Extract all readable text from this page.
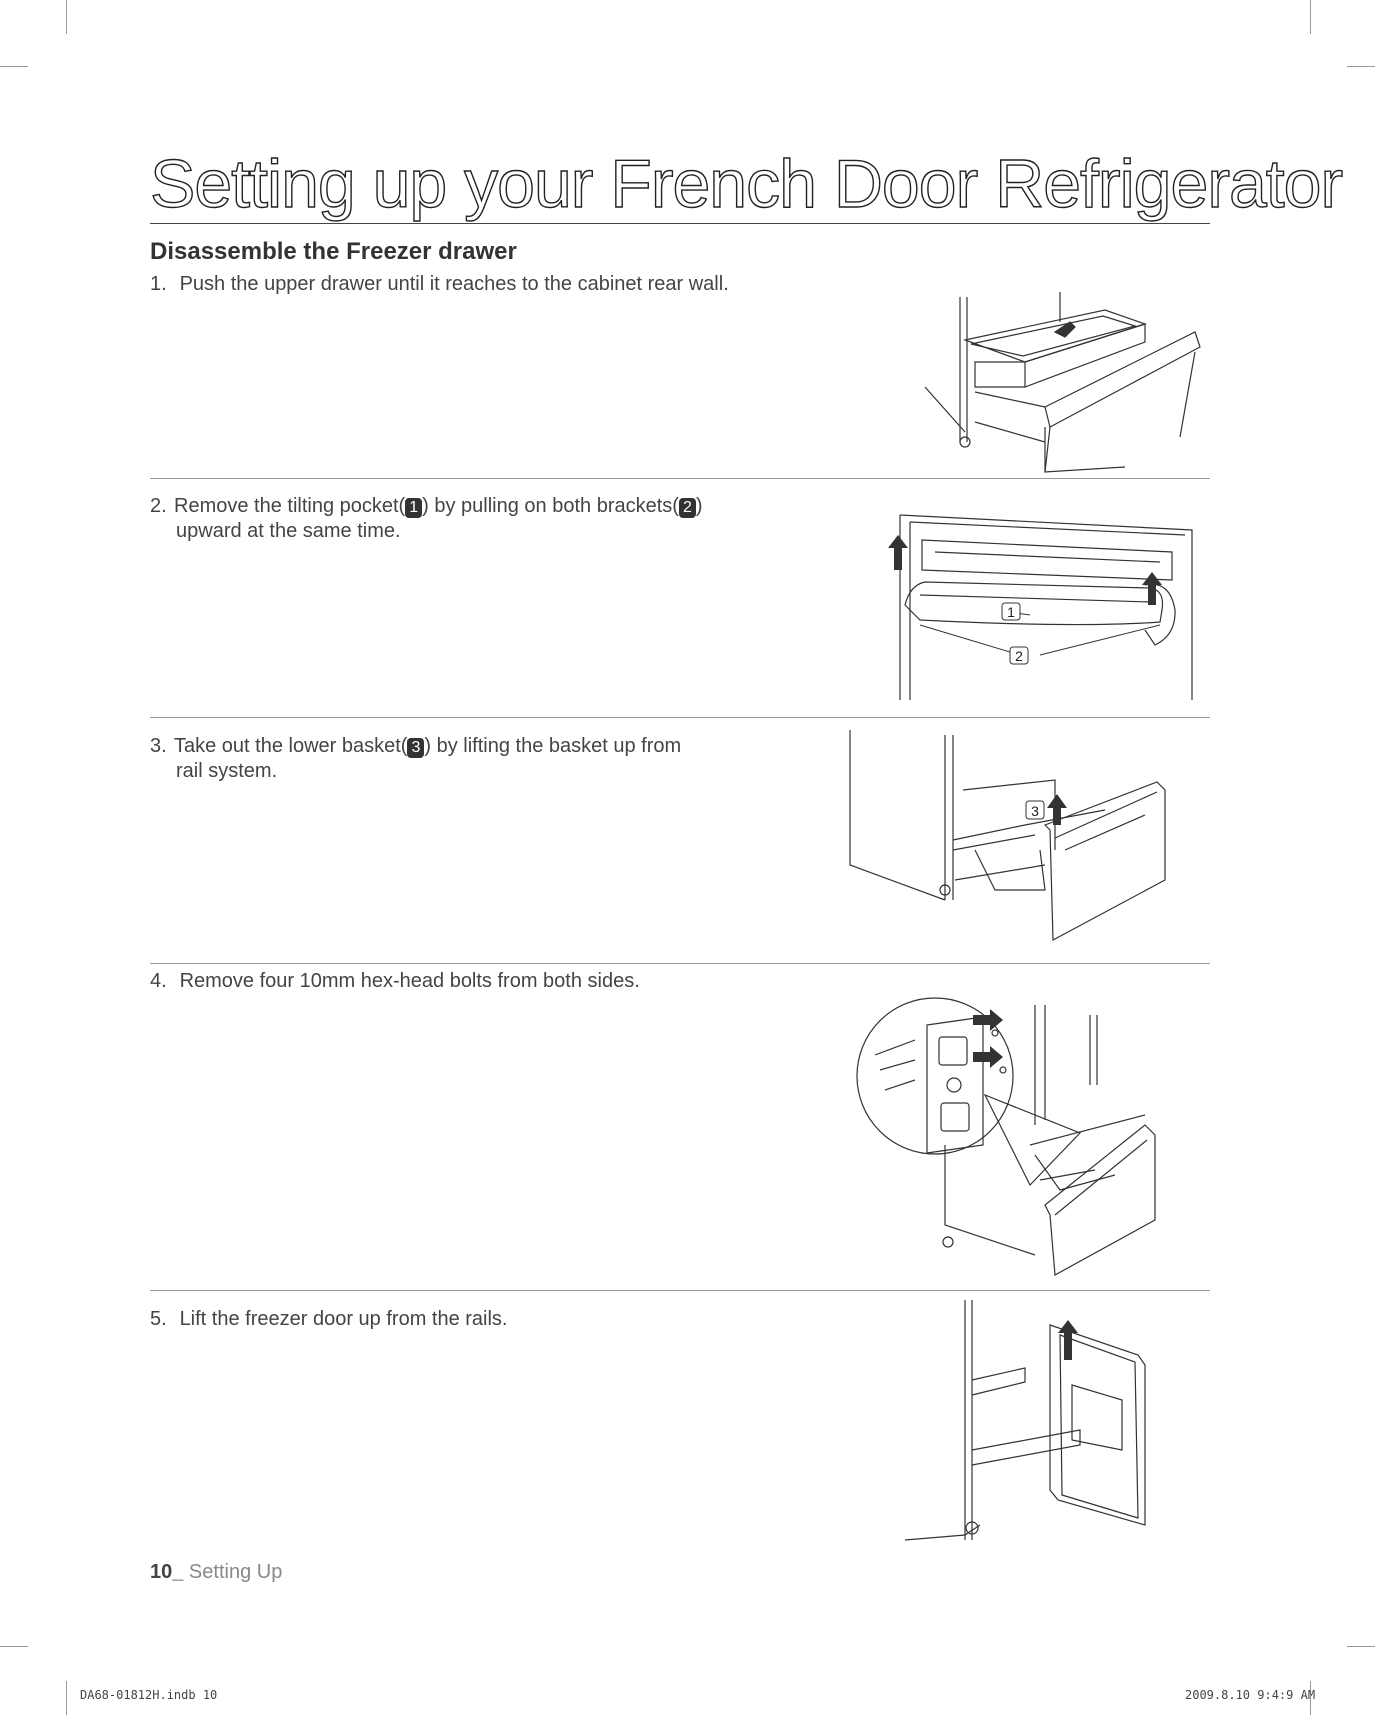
Setting up your French Door Refrigerator
Disassemble the Freezer drawer
1. Push the upper drawer until it reaches to the cabinet rear wall.
2. Remove the tilting pocket( 1 ) by pulling on both brackets( 2 )
upward at the same time.
1
2
3. Take out the lower basket( 3 ) by lifting the basket up from
rail system.
3
4. Remove four 10mm hex-head bolts from both sides.
5. Lift the freezer door up from the rails.
10_ Setting Up
DA68-01812H.indb 10	2009.8.10 9:4:9 AM
